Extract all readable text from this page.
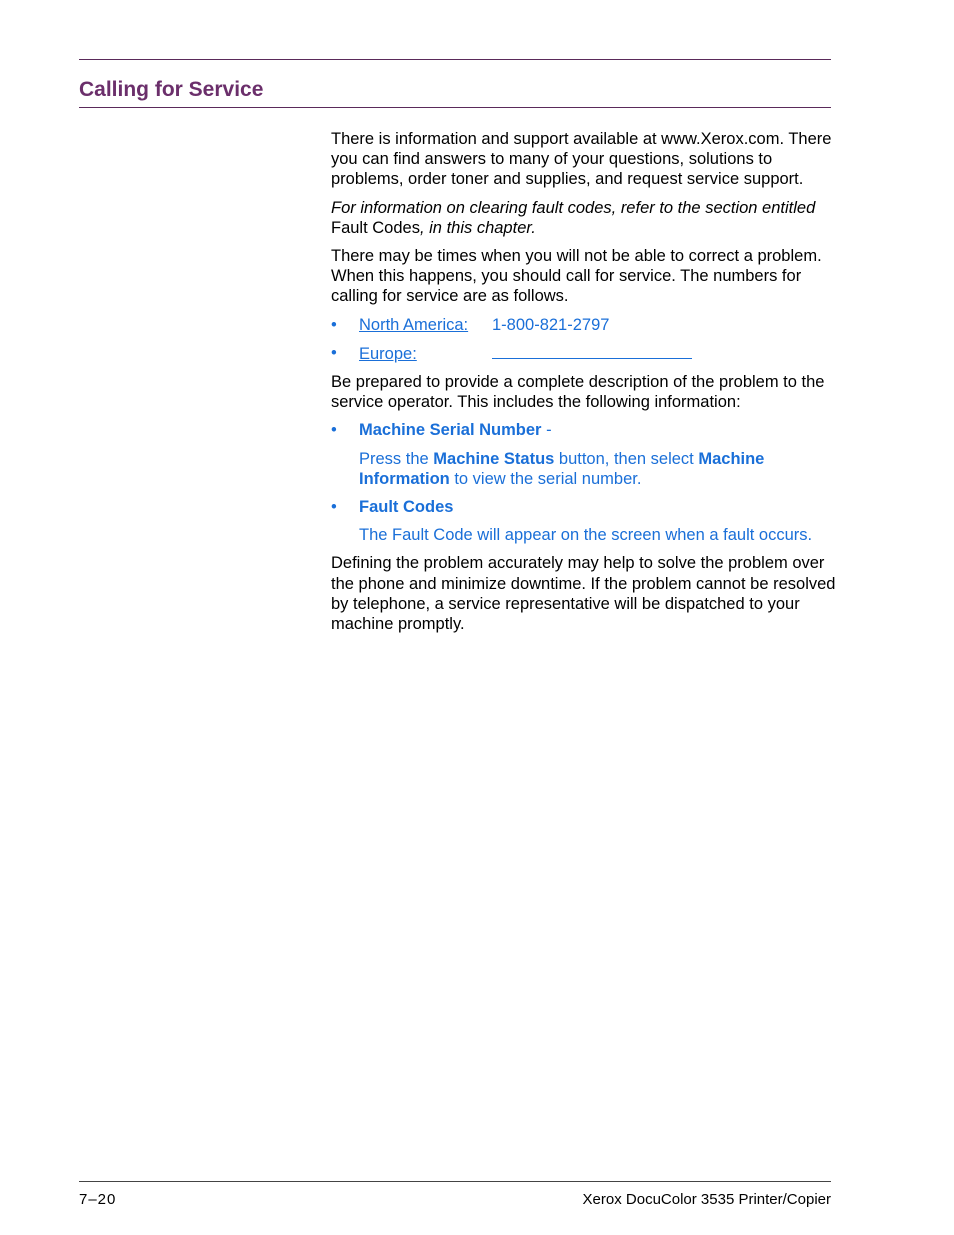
Calling for Service

There is information and support available at www.Xerox.com. There you can find answers to many of your questions, solutions to problems, order toner and supplies, and request service support.

For information on clearing fault codes, refer to the section entitled Fault Codes, in this chapter.

There may be times when you will not be able to correct a problem. When this happens, you should call for service. The numbers for calling for service are as follows.

• North America: 1-800-821-2797
• Europe:

Be prepared to provide a complete description of the problem to the service operator. This includes the following information:

• Machine Serial Number -

Press the Machine Status button, then select Machine Information to view the serial number.

• Fault Codes

The Fault Code will appear on the screen when a fault occurs.

Defining the problem accurately may help to solve the problem over the phone and minimize downtime. If the problem cannot be resolved by telephone, a service representative will be dispatched to your machine promptly.

7–20	Xerox DocuColor 3535 Printer/Copier
